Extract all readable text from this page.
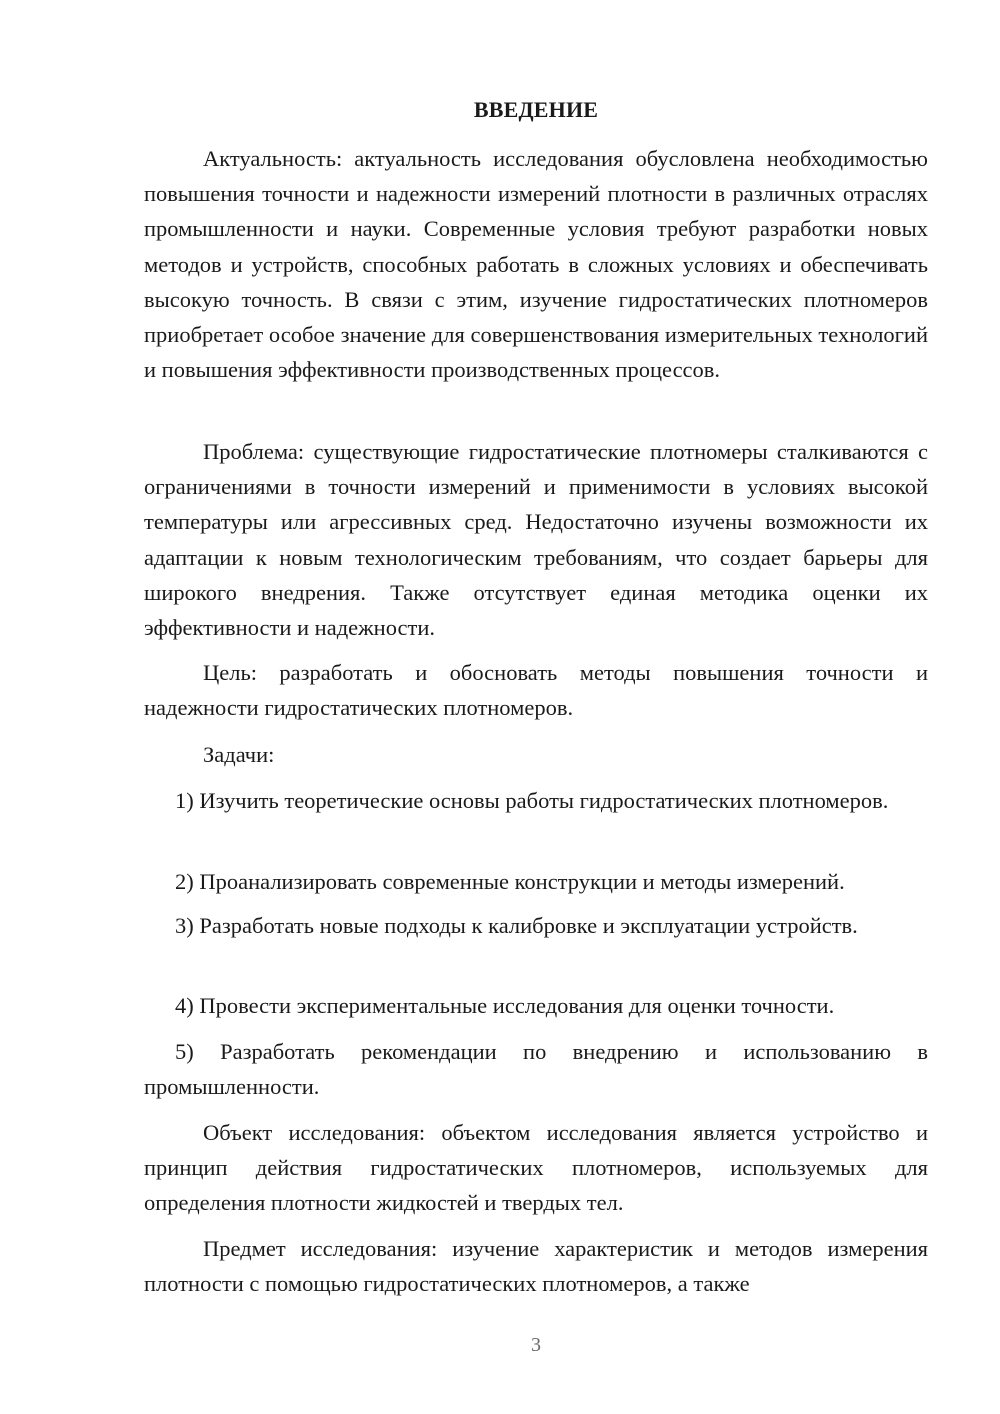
ВВЕДЕНИЕ

Актуальность: актуальность исследования обусловлена необходимостью повышения точности и надежности измерений плотности в различных отраслях промышленности и науки. Современные условия требуют разработки новых методов и устройств, способных работать в сложных условиях и обеспечивать высокую точность. В связи с этим, изучение гидростатических плотномеров приобретает особое значение для совершенствования измерительных технологий и повышения эффективности производственных процессов.

Проблема: существующие гидростатические плотномеры сталкиваются с ограничениями в точности измерений и применимости в условиях высокой температуры или агрессивных сред. Недостаточно изучены возможности их адаптации к новым технологическим требованиям, что создает барьеры для широкого внедрения. Также отсутствует единая методика оценки их эффективности и надежности.

Цель: разработать и обосновать методы повышения точности и надежности гидростатических плотномеров.

Задачи:

1) Изучить теоретические основы работы гидростатических плотномеров.

2) Проанализировать современные конструкции и методы измерений.

3) Разработать новые подходы к калибровке и эксплуатации устройств.

4) Провести экспериментальные исследования для оценки точности.

5) Разработать рекомендации по внедрению и использованию в промышленности.

Объект исследования: объектом исследования является устройство и принцип действия гидростатических плотномеров, используемых для определения плотности жидкостей и твердых тел.

Предмет исследования: изучение характеристик и методов измерения плотности с помощью гидростатических плотномеров, а также

3
